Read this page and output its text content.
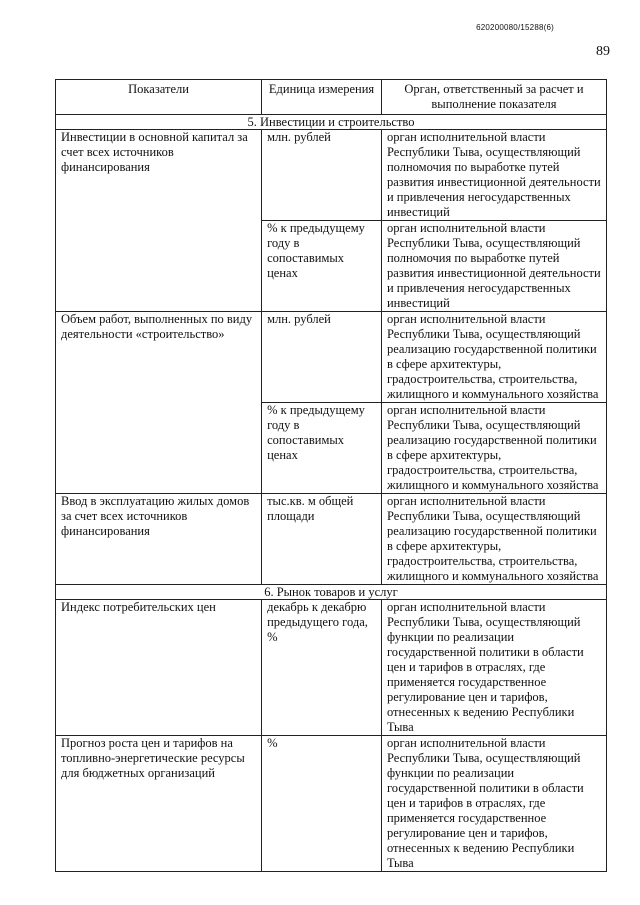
620200080/15288(6)
89
Показатели	Единица измерения	Орган, ответственный за расчет и выполнение показателя
5. Инвестиции и строительство		
Инвестиции в основной капитал за счет всех источников финансирования	млн. рублей	орган исполнительной власти Республики Тыва, осуществляющий полномочия по выработке путей развития инвестиционной деятельности и привлечения негосударственных инвестиций
	% к предыдущему году в сопоставимых ценах	орган исполнительной власти Республики Тыва, осуществляющий полномочия по выработке путей развития инвестиционной деятельности и привлечения негосударственных инвестиций
Объем работ, выполненных по виду деятельности «строительство»	млн. рублей	орган исполнительной власти Республики Тыва, осуществляющий реализацию государственной политики в сфере архитектуры, градостроительства, строительства, жилищного и коммунального хозяйства
	% к предыдущему году в сопоставимых ценах	орган исполнительной власти Республики Тыва, осуществляющий реализацию государственной политики в сфере архитектуры, градостроительства, строительства, жилищного и коммунального хозяйства
Ввод в эксплуатацию жилых домов за счет всех источников финансирования	тыс.кв. м общей площади	орган исполнительной власти Республики Тыва, осуществляющий реализацию государственной политики в сфере архитектуры, градостроительства, строительства, жилищного и коммунального хозяйства
6. Рынок товаров и услуг		
Индекс потребительских цен	декабрь к декабрю предыдущего года, %	орган исполнительной власти Республики Тыва, осуществляющий функции по реализации государственной политики в области цен и тарифов в отраслях, где применяется государственное регулирование цен и тарифов, отнесенных к ведению Республики Тыва
Прогноз роста цен и тарифов на топливно-энергетические ресурсы для бюджетных организаций	%	орган исполнительной власти Республики Тыва, осуществляющий функции по реализации государственной политики в области цен и тарифов в отраслях, где применяется государственное регулирование цен и тарифов, отнесенных к ведению Республики Тыва
